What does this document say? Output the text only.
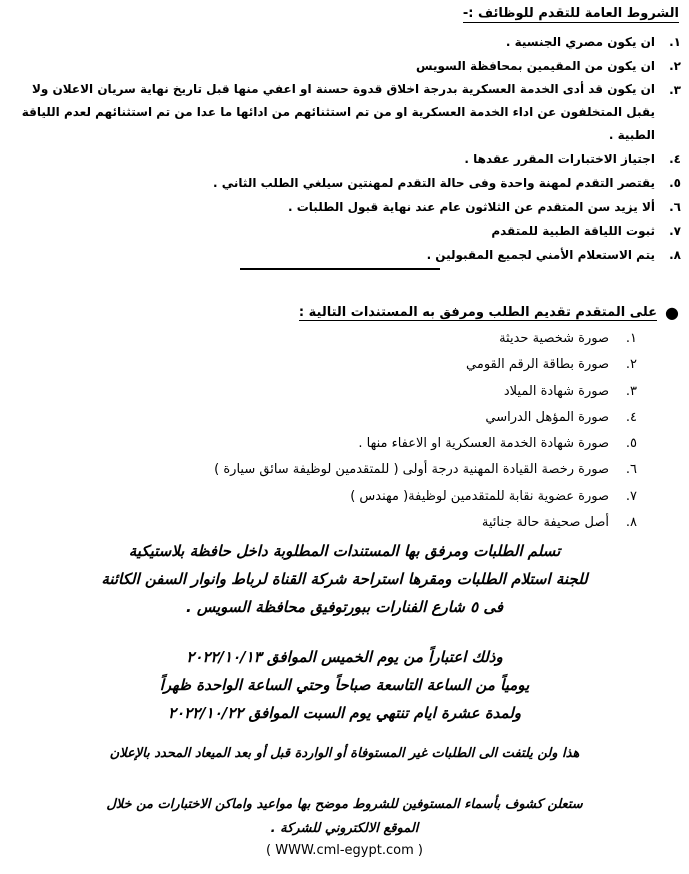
الشروط العامة للتقدم للوظائف :-
١.
ان يكون مصري الجنسية .
٢.
ان يكون من المقيمين بمحافظة السويس
٣.
ان يكون قد أدى الخدمة العسكرية بدرجة اخلاق قدوة حسنة او اعفي منها قبل تاريخ نهاية سريان الاعلان ولا يقبل المتخلفون عن اداء الخدمة العسكرية او من تم استثنائهم من ادائها ما عدا من تم استثنائهم لعدم اللياقة الطبية .
٤.
اجتياز الاختبارات المقرر عقدها .
٥.
يقتصر التقدم لمهنة واحدة وفى حالة التقدم لمهنتين سيلغي الطلب الثاني .
٦.
ألا يزيد سن المتقدم عن الثلاثون عام عند نهاية قبول الطلبات .
٧.
ثبوت اللياقة الطبية للمتقدم
٨.
يتم الاستعلام الأمني لجميع المقبولين .
●
على المتقدم تقديم الطلب ومرفق به المستندات التالية :
١.
صورة شخصية حديثة
٢.
صورة بطاقة الرقم القومي
٣.
صورة شهادة الميلاد
٤.
صورة المؤهل الدراسي
٥.
صورة شهادة الخدمة العسكرية او الاعفاء منها .
٦.
صورة رخصة القيادة المهنية درجة أولى ( للمتقدمين لوظيفة سائق سيارة )
٧.
صورة عضوية نقابة للمتقدمين لوظيفة( مهندس )
٨.
أصل صحيفة حالة جنائية
تسلم الطلبات ومرفق بها المستندات المطلوبة داخل حافظة بلاستيكية
للجنة استلام الطلبات ومقرها استراحة شركة القناة لرباط وانوار السفن الكائنة
فى ٥ شارع الفنارات ببورتوفيق محافظة السويس .
وذلك اعتباراً من يوم الخميس الموافق ٢٠٢٢/١٠/١٣
يومياً من الساعة التاسعة صباحاً وحتي الساعة الواحدة ظهراً
ولمدة عشرة ايام تنتهي يوم السبت الموافق ٢٠٢٢/١٠/٢٢
هذا ولن يلتفت الى الطلبات غير المستوفاة أو الواردة قبل أو بعد الميعاد المحدد بالإعلان
ستعلن كشوف بأسماء المستوفين للشروط موضح بها مواعيد واماكن الاختبارات من خلال
الموقع الالكتروني للشركة .
( WWW.cml-egypt.com )
